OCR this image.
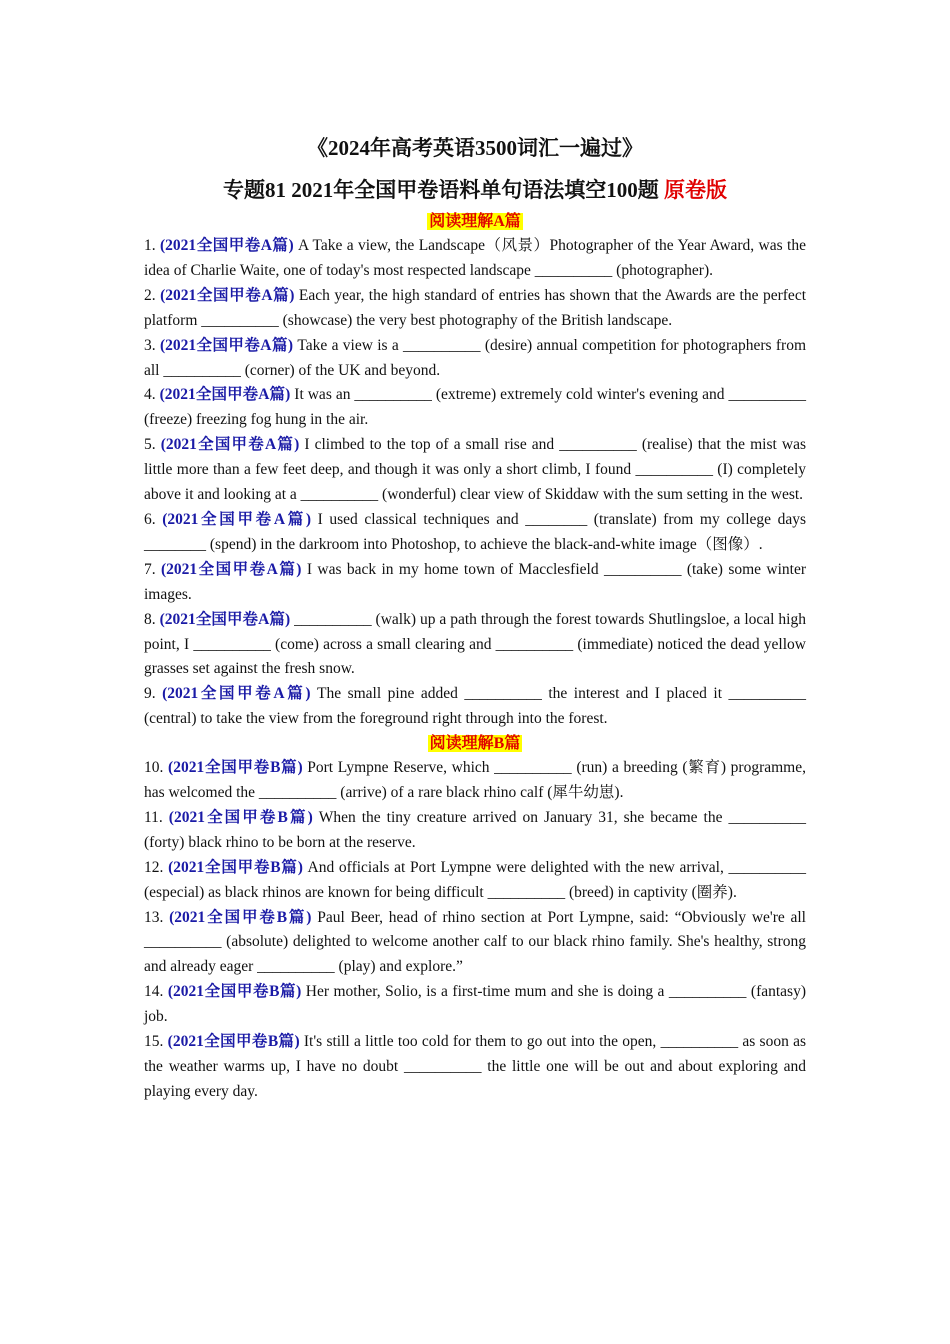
《2024年高考英语3500词汇一遍过》

专题81 2021年全国甲卷语料单句语法填空100题 原卷版

阅读理解A篇

1. (2021全国甲卷A篇) A Take a view, the Landscape（风景）Photographer of the Year Award, was the idea of Charlie Waite, one of today's most respected landscape __________ (photographer).

2. (2021全国甲卷A篇) Each year, the high standard of entries has shown that the Awards are the perfect platform __________ (showcase) the very best photography of the British landscape.

3. (2021全国甲卷A篇) Take a view is a __________ (desire) annual competition for photographers from all __________ (corner) of the UK and beyond.

4. (2021全国甲卷A篇) It was an __________ (extreme) extremely cold winter's evening and __________ (freeze) freezing fog hung in the air.

5. (2021全国甲卷A篇) I climbed to the top of a small rise and __________ (realise) that the mist was little more than a few feet deep, and though it was only a short climb, I found __________ (I) completely above it and looking at a __________ (wonderful) clear view of Skiddaw with the sum setting in the west.

6. (2021全国甲卷A篇) I used classical techniques and ________ (translate) from my college days ________ (spend) in the darkroom into Photoshop, to achieve the black-and-white image（图像）.

7. (2021全国甲卷A篇) I was back in my home town of Macclesfield __________ (take) some winter images.

8. (2021全国甲卷A篇) __________ (walk) up a path through the forest towards Shutlingsloe, a local high point, I __________ (come) across a small clearing and __________ (immediate) noticed the dead yellow grasses set against the fresh snow.

9. (2021全国甲卷A篇) The small pine added __________ the interest and I placed it __________ (central) to take the view from the foreground right through into the forest.

阅读理解B篇

10. (2021全国甲卷B篇) Port Lympne Reserve, which __________ (run) a breeding (繁育) programme, has welcomed the __________ (arrive) of a rare black rhino calf (犀牛幼崽).

11. (2021全国甲卷B篇) When the tiny creature arrived on January 31, she became the __________ (forty) black rhino to be born at the reserve.

12. (2021全国甲卷B篇) And officials at Port Lympne were delighted with the new arrival, __________ (especial) as black rhinos are known for being difficult __________ (breed) in captivity (圈养).

13. (2021全国甲卷B篇) Paul Beer, head of rhino section at Port Lympne, said: “Obviously we're all __________ (absolute) delighted to welcome another calf to our black rhino family. She's healthy, strong and already eager __________ (play) and explore.”

14. (2021全国甲卷B篇) Her mother, Solio, is a first-time mum and she is doing a __________ (fantasy) job.

15. (2021全国甲卷B篇) It's still a little too cold for them to go out into the open, __________ as soon as the weather warms up, I have no doubt __________ the little one will be out and about exploring and playing every day.
